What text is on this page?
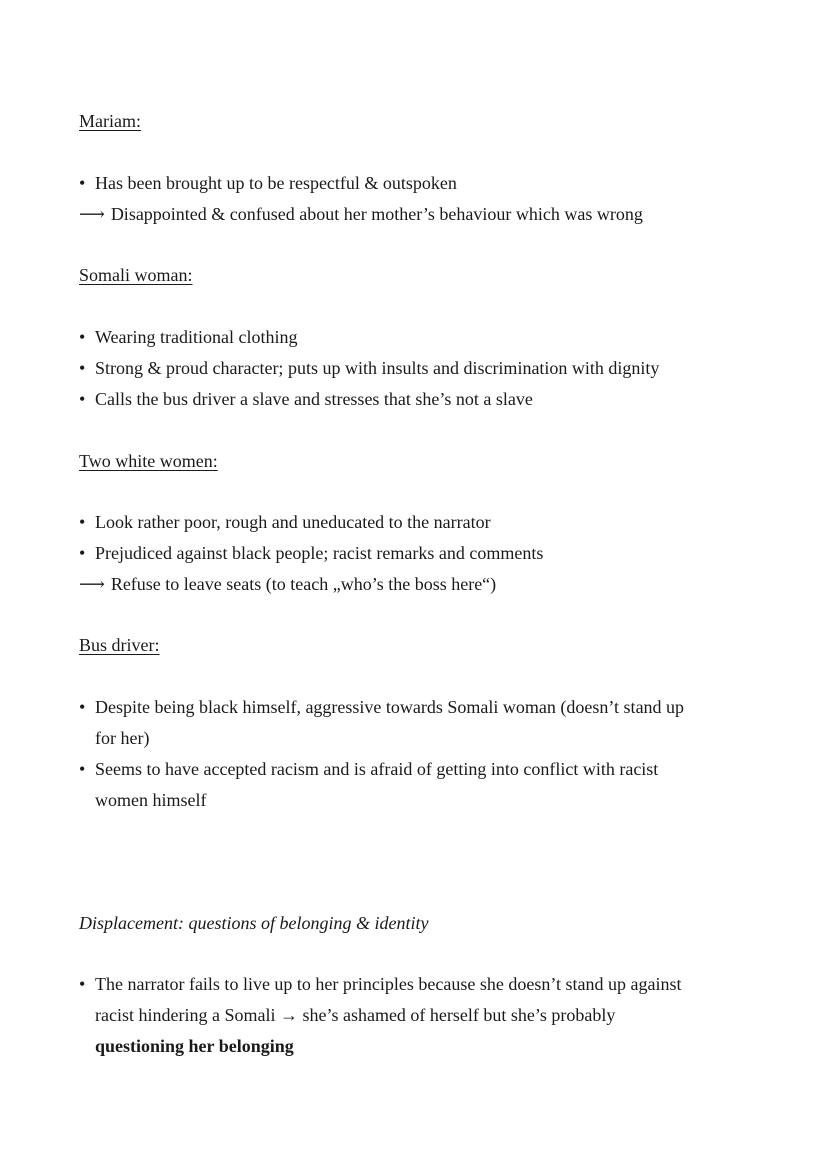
Mariam:
• Has been brought up to be respectful & outspoken
⟶ Disappointed & confused about her mother’s behaviour which was wrong
Somali woman:
• Wearing traditional clothing
• Strong & proud character; puts up with insults and discrimination with dignity
• Calls the bus driver a slave and stresses that she’s not a slave
Two white women:
• Look rather poor, rough and uneducated to the narrator
• Prejudiced against black people; racist remarks and comments
⟶ Refuse to leave seats (to teach „who’s the boss here“)
Bus driver:
• Despite being black himself, aggressive towards Somali woman (doesn’t stand up
for her)
• Seems to have accepted racism and is afraid of getting into conflict with racist
women himself
Displacement: questions of belonging & identity
• The narrator fails to live up to her principles because she doesn’t stand up against
racist hindering a Somali → she’s ashamed of herself but she’s probably
questioning her belonging
